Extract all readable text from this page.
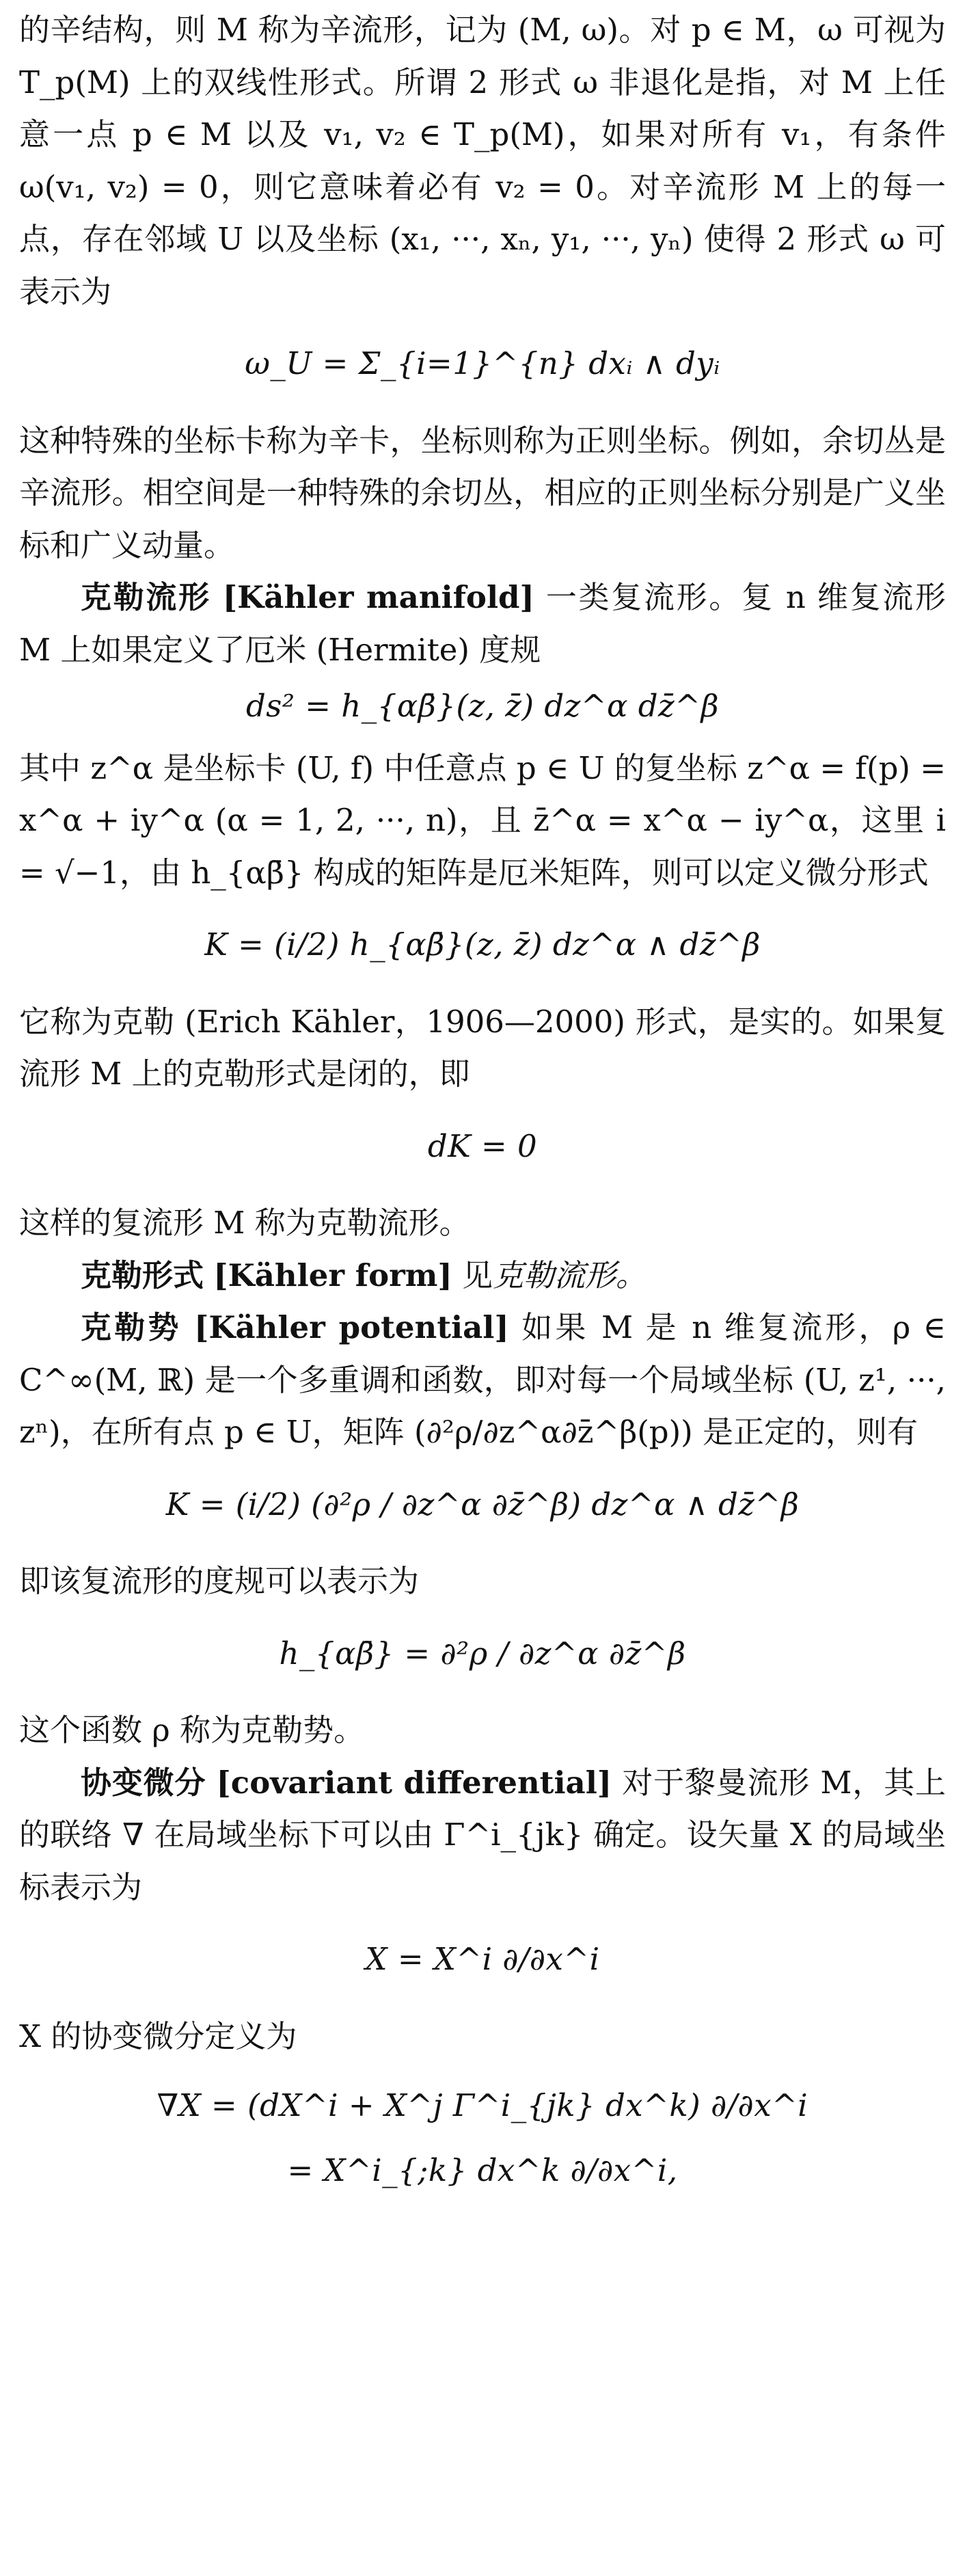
的辛结构，则 M 称为辛流形，记为 (M, ω)。对 p ∈ M，ω 可视为 T_p(M) 上的双线性形式。所谓 2 形式 ω 非退化是指，对 M 上任意一点 p ∈ M 以及 v₁, v₂ ∈ T_p(M)，如果对所有 v₁，有条件 ω(v₁, v₂) = 0，则它意味着必有 v₂ = 0。对辛流形 M 上的每一点，存在邻域 U 以及坐标 (x₁, ···, xₙ, y₁, ···, yₙ) 使得 2 形式 ω 可表示为

ω_U = Σ_{i=1}^{n} dxᵢ ∧ dyᵢ

这种特殊的坐标卡称为辛卡，坐标则称为正则坐标。例如，余切丛是辛流形。相空间是一种特殊的余切丛，相应的正则坐标分别是广义坐标和广义动量。

克勒流形 [Kähler manifold] 一类复流形。复 n 维复流形 M 上如果定义了厄米 (Hermite) 度规

ds² = h_{αβ̄}(z, z̄) dz^α dz̄^β

其中 z^α 是坐标卡 (U, f) 中任意点 p ∈ U 的复坐标 z^α = f(p) = x^α + iy^α (α = 1, 2, ···, n)，且 z̄^α = x^α − iy^α，这里 i = √−1，由 h_{αβ̄} 构成的矩阵是厄米矩阵，则可以定义微分形式

K = (i/2) h_{αβ̄}(z, z̄) dz^α ∧ dz̄^β

它称为克勒 (Erich Kähler，1906—2000) 形式，是实的。如果复流形 M 上的克勒形式是闭的，即

dK = 0

这样的复流形 M 称为克勒流形。

克勒形式 [Kähler form] 见克勒流形。

克勒势 [Kähler potential] 如果 M 是 n 维复流形，ρ ∈ C^∞(M, ℝ) 是一个多重调和函数，即对每一个局域坐标 (U, z¹, ···, zⁿ)，在所有点 p ∈ U，矩阵 (∂²ρ/∂z^α∂z̄^β(p)) 是正定的，则有

K = (i/2) (∂²ρ / ∂z^α ∂z̄^β) dz^α ∧ dz̄^β

即该复流形的度规可以表示为

h_{αβ̄} = ∂²ρ / ∂z^α ∂z̄^β

这个函数 ρ 称为克勒势。

协变微分 [covariant differential] 对于黎曼流形 M，其上的联络 ∇ 在局域坐标下可以由 Γ^i_{jk} 确定。设矢量 X 的局域坐标表示为

X = X^i ∂/∂x^i

X 的协变微分定义为

∇X = (dX^i + X^j Γ^i_{jk} dx^k) ∂/∂x^i
= X^i_{;k} dx^k ∂/∂x^i,
